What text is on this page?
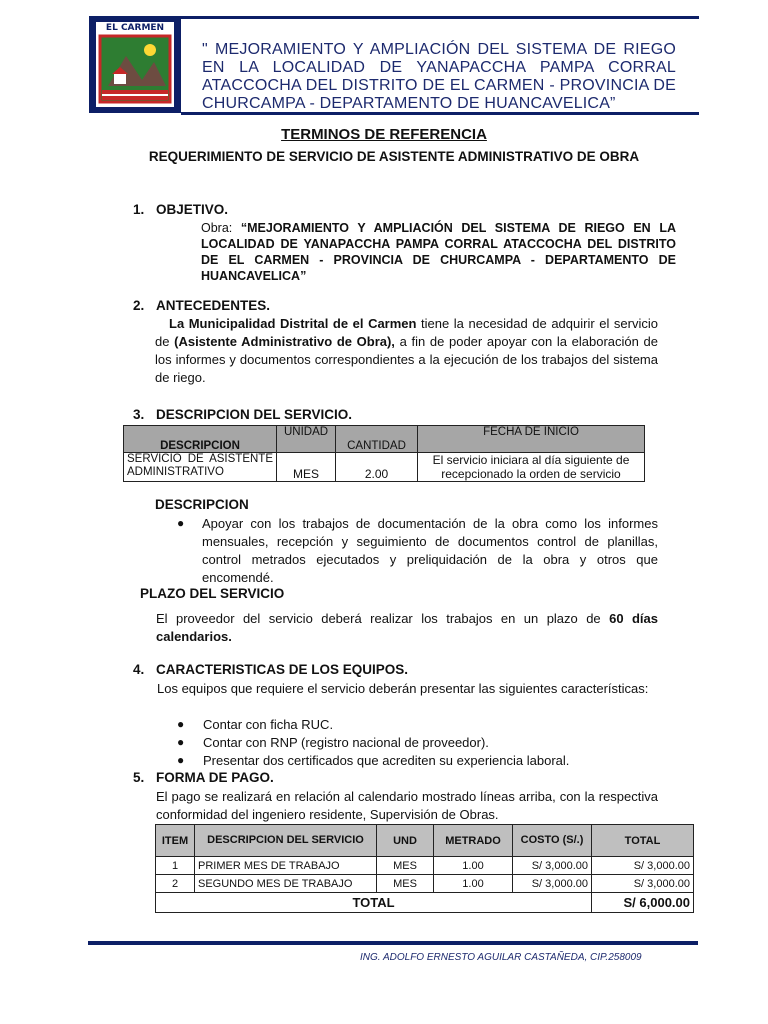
EL CARMEN
" MEJORAMIENTO Y AMPLIACIÓN DEL SISTEMA DE RIEGO EN LA LOCALIDAD DE YANAPACCHA PAMPA CORRAL ATACCOCHA DEL DISTRITO DE EL CARMEN - PROVINCIA DE CHURCAMPA - DEPARTAMENTO DE HUANCAVELICA”
TERMINOS DE REFERENCIA
REQUERIMIENTO DE SERVICIO DE ASISTENTE ADMINISTRATIVO DE OBRA
1. OBJETIVO.
Obra: “MEJORAMIENTO Y AMPLIACIÓN DEL SISTEMA DE RIEGO EN LA LOCALIDAD DE YANAPACCHA PAMPA CORRAL ATACCOCHA DEL DISTRITO DE EL CARMEN - PROVINCIA DE CHURCAMPA - DEPARTAMENTO DE HUANCAVELICA”
2. ANTECEDENTES.
La Municipalidad Distrital de el Carmen tiene la necesidad de adquirir el servicio de (Asistente Administrativo de Obra), a fin de poder apoyar con la elaboración de los informes y documentos correspondientes a la ejecución de los trabajos del sistema de riego.
3. DESCRIPCION DEL SERVICIO.
DESCRIPCION	UNIDAD	CANTIDAD	FECHA DE INICIO
SERVICIO DE ASISTENTE ADMINISTRATIVO	MES	2.00	El servicio iniciara al día siguiente de recepcionado la orden de servicio
DESCRIPCION
● Apoyar con los trabajos de documentación de la obra como los informes mensuales, recepción y seguimiento de documentos control de planillas, control metrados ejecutados y preliquidación de la obra y otros que encomendé.
PLAZO DEL SERVICIO
El proveedor del servicio deberá realizar los trabajos en un plazo de 60 días calendarios.
4. CARACTERISTICAS DE LOS EQUIPOS.
Los equipos que requiere el servicio deberán presentar las siguientes características:
● Contar con ficha RUC.
● Contar con RNP (registro nacional de proveedor).
● Presentar dos certificados que acrediten su experiencia laboral.
5. FORMA DE PAGO.
El pago se realizará en relación al calendario mostrado líneas arriba, con la respectiva conformidad del ingeniero residente, Supervisión de Obras.
ITEM	DESCRIPCION DEL SERVICIO	UND	METRADO	COSTO (S/.)	TOTAL
1	PRIMER MES DE TRABAJO	MES	1.00	S/ 3,000.00	S/ 3,000.00
2	SEGUNDO MES DE TRABAJO	MES	1.00	S/ 3,000.00	S/ 3,000.00
TOTAL					S/ 6,000.00
ING. ADOLFO ERNESTO AGUILAR CASTAÑEDA, CIP.258009
